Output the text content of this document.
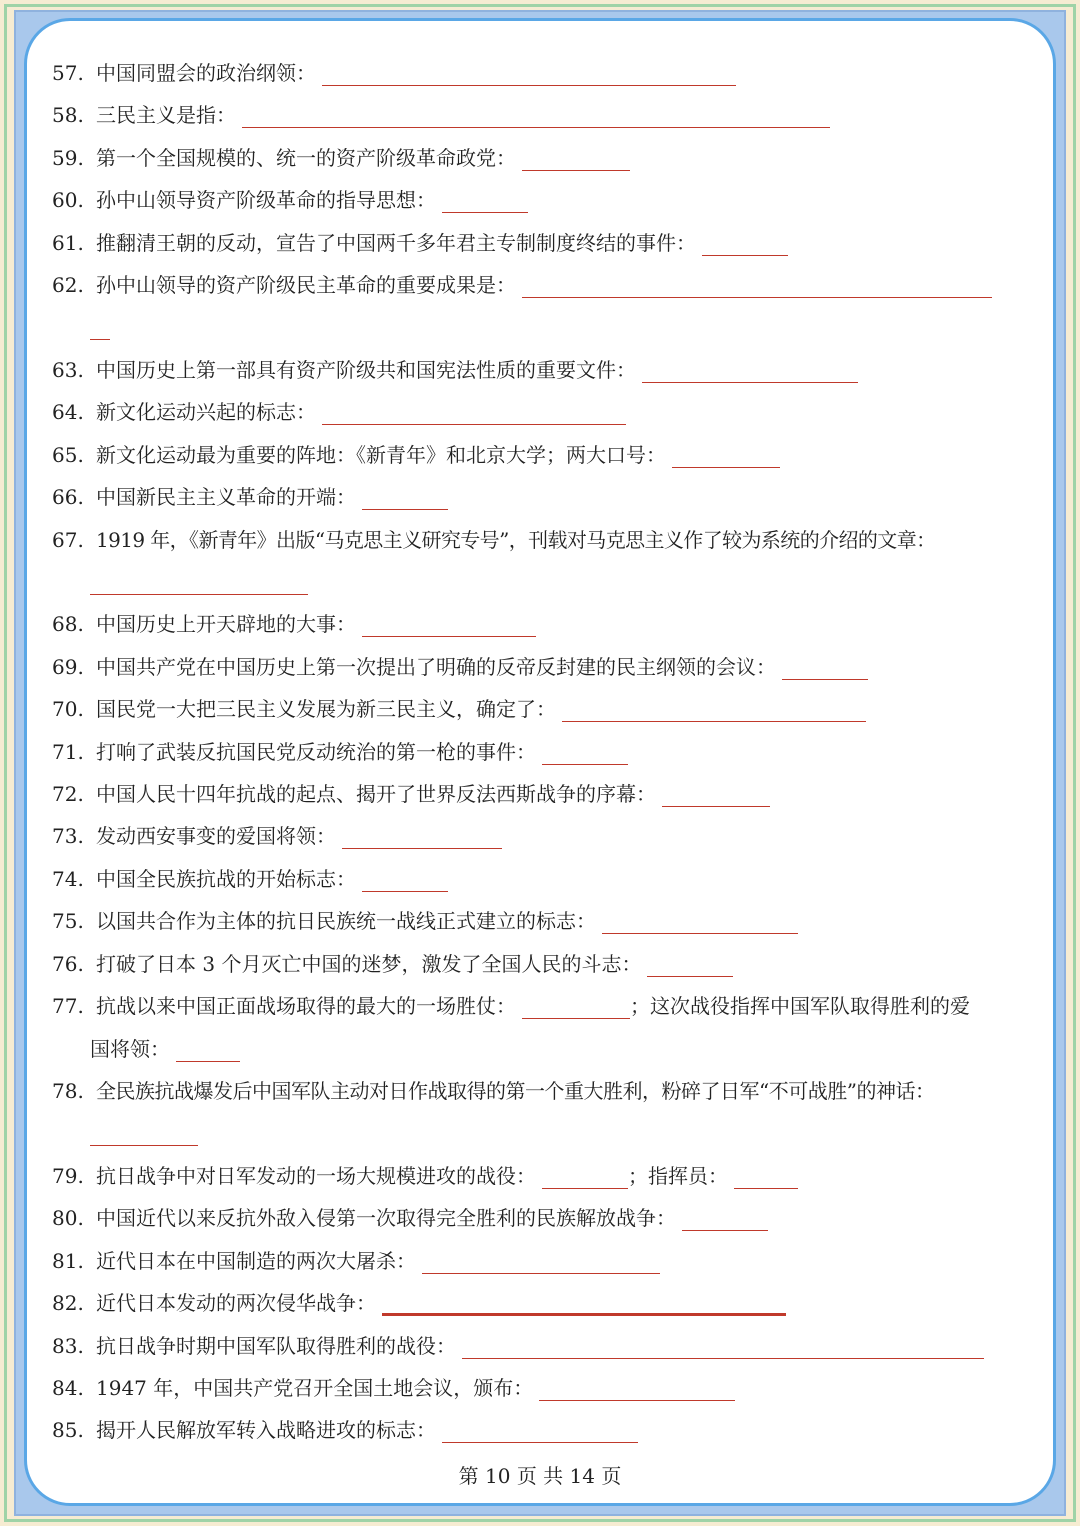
57. 中国同盟会的政治纲领：
58. 三民主义是指：
59. 第一个全国规模的、统一的资产阶级革命政党：
60. 孙中山领导资产阶级革命的指导思想：
61. 推翻清王朝的反动，宣告了中国两千多年君主专制制度终结的事件：
62. 孙中山领导的资产阶级民主革命的重要成果是：
63. 中国历史上第一部具有资产阶级共和国宪法性质的重要文件：
64. 新文化运动兴起的标志：
65. 新文化运动最为重要的阵地：《新青年》和北京大学；两大口号：
66. 中国新民主主义革命的开端：
67. 1919 年，《新青年》出版“马克思主义研究专号”，刊载对马克思主义作了较为系统的介绍的文章：
68. 中国历史上开天辟地的大事：
69. 中国共产党在中国历史上第一次提出了明确的反帝反封建的民主纲领的会议：
70. 国民党一大把三民主义发展为新三民主义，确定了：
71. 打响了武装反抗国民党反动统治的第一枪的事件：
72. 中国人民十四年抗战的起点、揭开了世界反法西斯战争的序幕：
73. 发动西安事变的爱国将领：
74. 中国全民族抗战的开始标志：
75. 以国共合作为主体的抗日民族统一战线正式建立的标志：
76. 打破了日本 3 个月灭亡中国的迷梦，激发了全国人民的斗志：
77. 抗战以来中国正面战场取得的最大的一场胜仗：	；这次战役指挥中国军队取得胜利的爱
国将领：
78. 全民族抗战爆发后中国军队主动对日作战取得的第一个重大胜利，粉碎了日军“不可战胜”的神话：
79. 抗日战争中对日军发动的一场大规模进攻的战役：	；指挥员：
80. 中国近代以来反抗外敌入侵第一次取得完全胜利的民族解放战争：
81. 近代日本在中国制造的两次大屠杀：
82. 近代日本发动的两次侵华战争：
83. 抗日战争时期中国军队取得胜利的战役：
84. 1947 年，中国共产党召开全国土地会议，颁布：
85. 揭开人民解放军转入战略进攻的标志：
第 10 页 共 14 页
